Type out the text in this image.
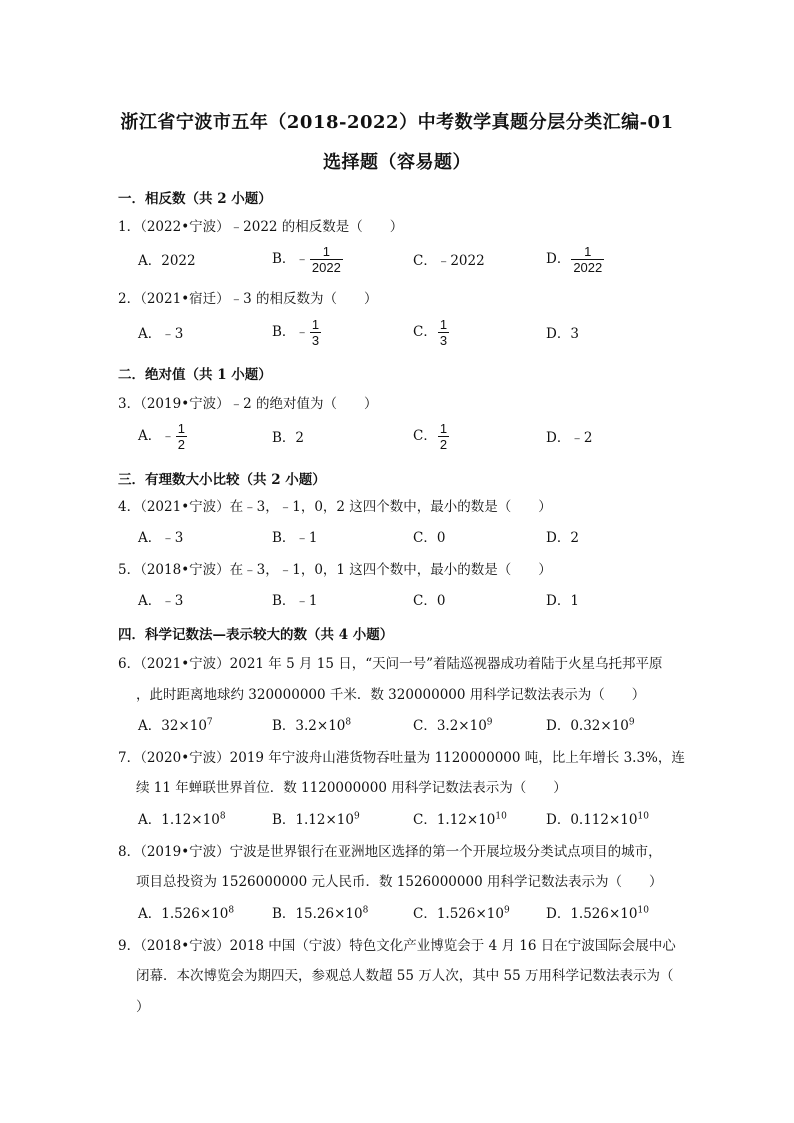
浙江省宁波市五年（2018-2022）中考数学真题分层分类汇编-01
选择题（容易题）
一．相反数（共 2 小题）
1．（2022•宁波）﹣2022 的相反数是（　　）
A．2022	B．﹣ $\frac{1}{2022}$	C．﹣2022	D． $\frac{1}{2022}$
2．（2021•宿迁）﹣3 的相反数为（　　）
A．﹣3	B．﹣ $\frac{1}{3}$	C． $\frac{1}{3}$	D．3
二．绝对值（共 1 小题）
3．（2019•宁波）﹣2 的绝对值为（　　）
A．﹣ $\frac{1}{2}$	B．2	C． $\frac{1}{2}$	D．﹣2
三．有理数大小比较（共 2 小题）
4．（2021•宁波）在﹣3，﹣1，0，2 这四个数中，最小的数是（　　）
A．﹣3	B．﹣1	C．0	D．2
5．（2018•宁波）在﹣3，﹣1，0，1 这四个数中，最小的数是（　　）
A．﹣3	B．﹣1	C．0	D．1
四．科学记数法—表示较大的数（共 4 小题）
6．（2021•宁波）2021 年 5 月 15 日，“天问一号”着陆巡视器成功着陆于火星乌托邦平原
，此时距离地球约 320000000 千米．数 320000000 用科学记数法表示为（　　）
A．$32\times 10^7$	B．$3.2\times 10^8$	C．$3.2\times 10^9$	D．$0.32\times 10^9$
7．（2020•宁波）2019 年宁波舟山港货物吞吐量为 1120000000 吨，比上年增长 3.3%，连
续 11 年蝉联世界首位．数 1120000000 用科学记数法表示为（　　）
A．$1.12\times 10^8$	B．$1.12\times 10^9$	C．$1.12\times 10^{10}$	D．$0.112\times 10^{10}$
8．（2019•宁波）宁波是世界银行在亚洲地区选择的第一个开展垃圾分类试点项目的城市，
项目总投资为 1526000000 元人民币．数 1526000000 用科学记数法表示为（　　）
A．$1.526\times 10^8$	B．$15.26\times 10^8$	C．$1.526\times 10^9$	D．$1.526\times 10^{10}$
9．（2018•宁波）2018 中国（宁波）特色文化产业博览会于 4 月 16 日在宁波国际会展中心
闭幕．本次博览会为期四天，参观总人数超 55 万人次，其中 55 万用科学记数法表示为（
）
